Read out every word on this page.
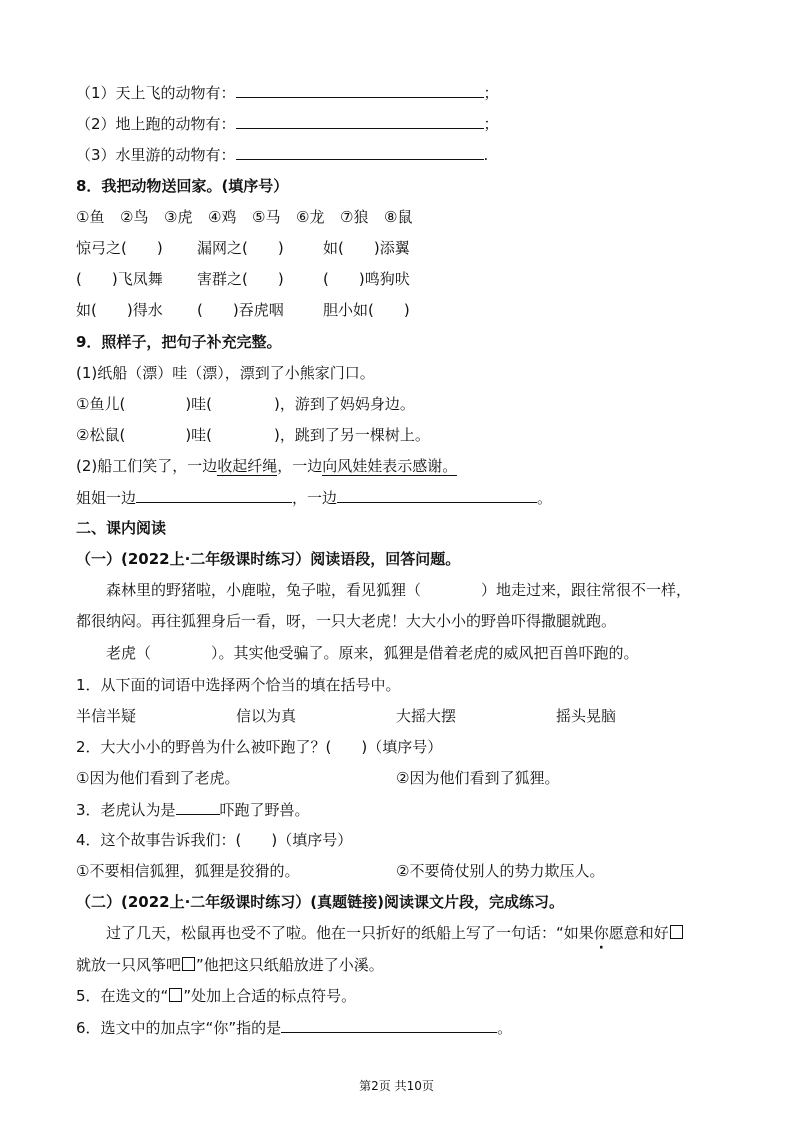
（1）天上飞的动物有：	；
（2）地上跑的动物有：	；
（3）水里游的动物有：	.
8．我把动物送回家。(填序号）
①鱼 ②鸟 ③虎 ④鸡 ⑤马 ⑥龙 ⑦狼 ⑧鼠
惊弓之(　　) 漏网之(　　)	如(　　)添翼
(　　)飞凤舞 害群之(　　)	(　　)鸣狗吠
如(　　)得水 (　　)吞虎咽	胆小如(　　)
9．照样子，把句子补充完整。
(1)纸船（漂）哇（漂），漂到了小熊家门口。
①鱼儿(	)哇(	)，游到了妈妈身边。
②松鼠(	)哇(	)，跳到了另一棵树上。
(2)船工们笑了，一边收起纤绳，一边向风娃娃表示感谢。
姐姐一边	，一边	。
二、课内阅读
（一）(2022上·二年级课时练习）阅读语段，回答问题。
森林里的野猪啦，小鹿啦，兔子啦，看见狐狸（　　　　）地走过来，跟往常很不一样，
都很纳闷。再往狐狸身后一看，呀，一只大老虎！大大小小的野兽吓得撒腿就跑。
老虎（　　　　）。其实他受骗了。原来，狐狸是借着老虎的威风把百兽吓跑的。
1．从下面的词语中选择两个恰当的填在括号中。
半信半疑	信以为真	大摇大摆	摇头晃脑
2．大大小小的野兽为什么被吓跑了？(　　)（填序号）
①因为他们看到了老虎。	②因为他们看到了狐狸。
3．老虎认为是	吓跑了野兽。
4．这个故事告诉我们：(　　)（填序号）
①不要相信狐狸，狐狸是狡猾的。	②不要倚仗别人的势力欺压人。
（二）(2022上·二年级课时练习）(真题链接)阅读课文片段，完成练习。
过了几天，松鼠再也受不了啦。他在一只折好的纸船上写了一句话：“如果你愿意和好
就放一只风筝吧 ”他把这只纸船放进了小溪。
5．在选文的“ ”处加上合适的标点符号。
6．选文中的加点字“你”指的是	。
第2页 共10页
